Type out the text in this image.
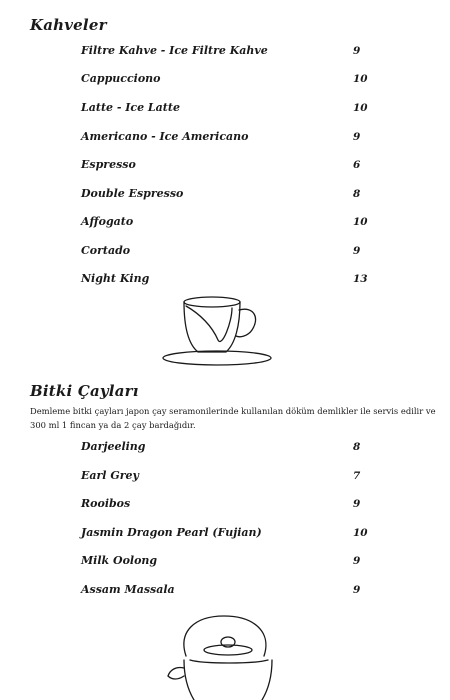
Kahveler
Filtre Kahve - Ice Filtre Kahve	9
Cappucciono	10
Latte - Ice Latte	10
Americano - Ice Americano	9
Espresso	6
Double Espresso	8
Affogato	10
Cortado	9
Night King	13
Bitki Çayları

Demleme bitki çayları japon çay seramonilerinde kullanılan döküm demlikler ile servis edilir ve 300 ml 1 fincan ya da 2 çay bardağıdır.

Darjeeling	8
Earl Grey	7
Rooibos	9
Jasmin Dragon Pearl (Fujian)	10
Milk Oolong	9
Assam Massala	9
